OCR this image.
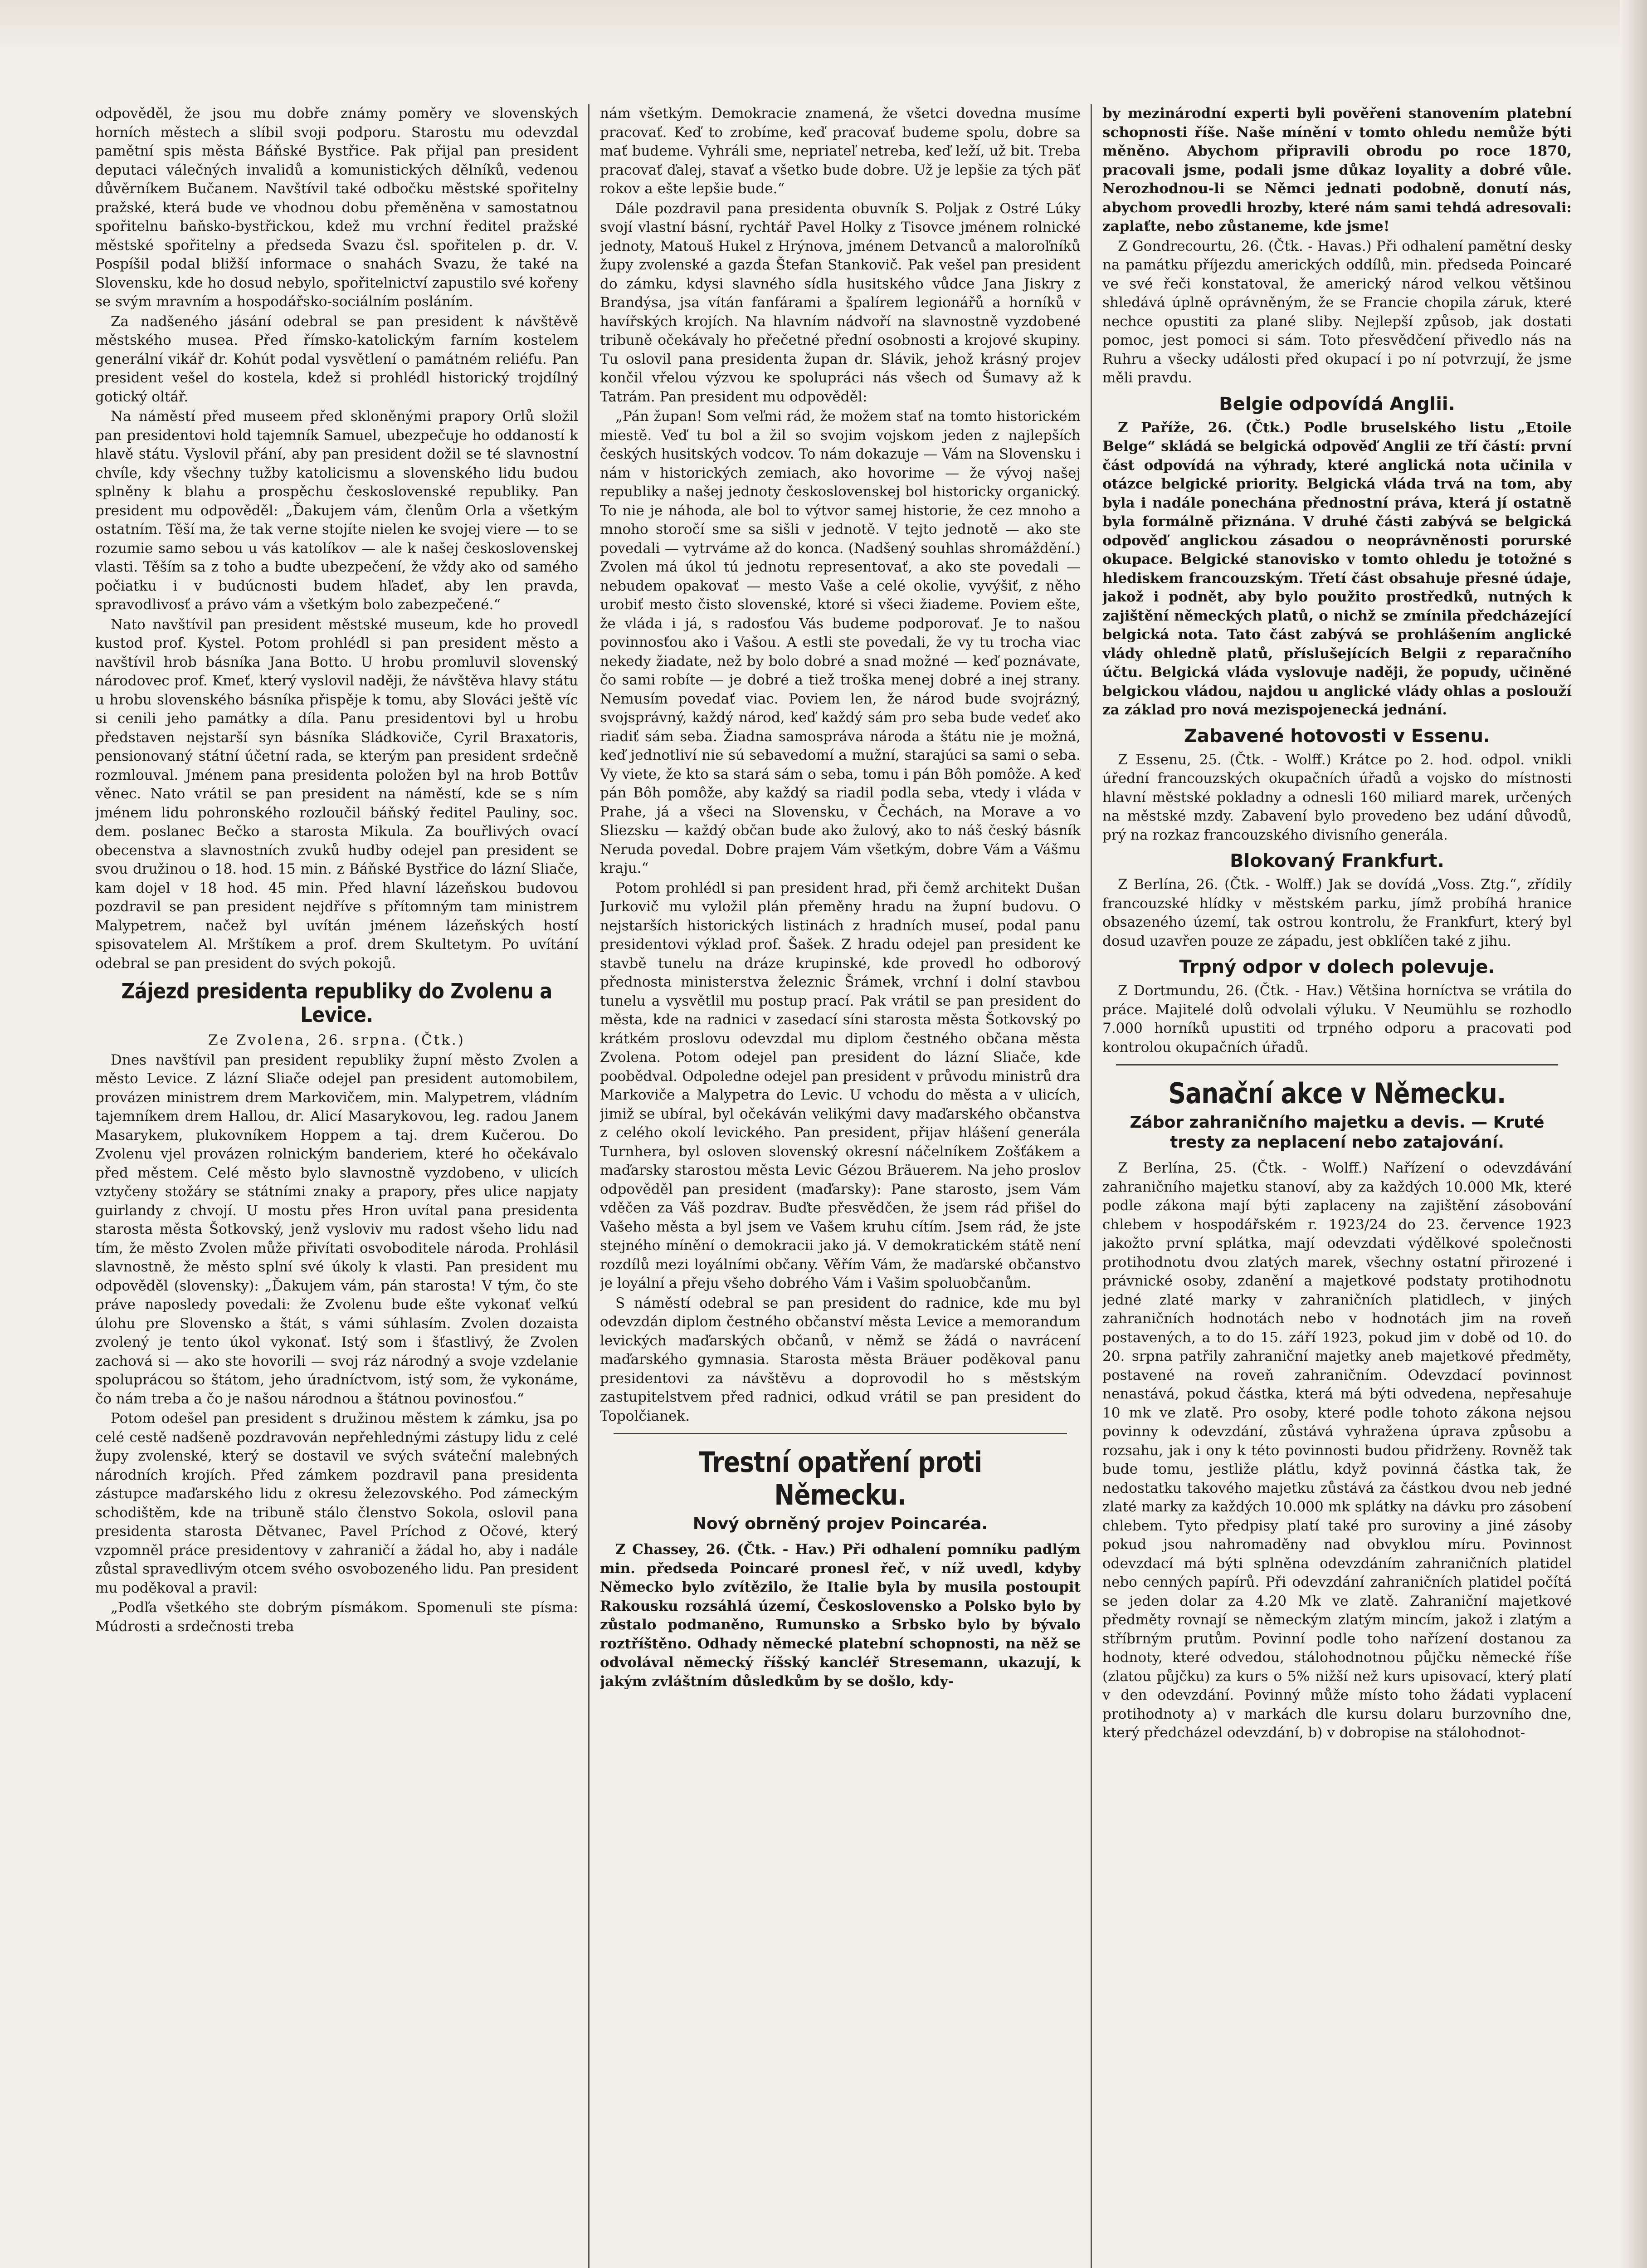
odpověděl, že jsou mu dobře známy poměry ve slovenských horních městech a slíbil svoji podporu. Starostu mu odevzdal pamětní spis města Báňské Bystřice. Pak přijal pan president deputaci válečných invalidů a komunistických dělníků, vedenou důvěrníkem Bučanem. Navštívil také odbočku městské spořitelny pražské, která bude ve vhodnou dobu přeměněna v samostatnou spořitelnu baňsko-bystřickou, kdež mu vrchní ředitel pražské městské spořitelny a předseda Svazu čsl. spořitelen p. dr. V. Pospíšil podal bližší informace o snahách Svazu, že také na Slovensku, kde ho dosud nebylo, spořitelnictví zapustilo své kořeny se svým mravním a hospodářsko-sociálním posláním.

Za nadšeného jásání odebral se pan president k návštěvě městského musea. Před římsko-katolickým farním kostelem generální vikář dr. Kohút podal vysvětlení o památném reliéfu. Pan president vešel do kostela, kdež si prohlédl historický trojdílný gotický oltář.

Na náměstí před museem před skloněnými prapory Orlů složil pan presidentovi hold tajemník Samuel, ubezpečuje ho oddaností k hlavě státu. Vyslovil přání, aby pan president dožil se té slavnostní chvíle, kdy všechny tužby katolicismu a slovenského lidu budou splněny k blahu a prospěchu československé republiky. Pan president mu odpověděl: „Ďakujem vám, členům Orla a všetkým ostatním. Těší ma, že tak verne stojíte nielen ke svojej viere — to se rozumie samo sebou u vás katolíkov — ale k našej československej vlasti. Těším sa z toho a budte ubezpečení, že vždy ako od samého počiatku i v budúcnosti budem hľadeť, aby len pravda, spravodlivosť a právo vám a všetkým bolo zabezpečené.“

Nato navštívil pan president městské museum, kde ho provedl kustod prof. Kystel. Potom prohlédl si pan president město a navštívil hrob básníka Jana Botto. U hrobu promluvil slovenský národovec prof. Kmeť, který vyslovil naději, že návštěva hlavy státu u hrobu slovenského básníka přispěje k tomu, aby Slováci ještě víc si cenili jeho památky a díla. Panu presidentovi byl u hrobu představen nejstarší syn básníka Sládkoviče, Cyril Braxatoris, pensionovaný státní účetní rada, se kterým pan president srdečně rozmlouval. Jménem pana presidenta položen byl na hrob Bottův věnec. Nato vrátil se pan president na náměstí, kde se s ním jménem lidu pohronského rozloučil báňský ředitel Pauliny, soc. dem. poslanec Bečko a starosta Mikula. Za bouřlivých ovací obecenstva a slavnostních zvuků hudby odejel pan president se svou družinou o 18. hod. 15 min. z Báňské Bystřice do lázní Sliače, kam dojel v 18 hod. 45 min. Před hlavní lázeňskou budovou pozdravil se pan president nejdříve s přítomným tam ministrem Malypetrem, načež byl uvítán jménem lázeňských hostí spisovatelem Al. Mrštíkem a prof. drem Skultetym. Po uvítání odebral se pan president do svých pokojů.

Zájezd presidenta republiky do Zvolenu a Levice.

Ze Zvolena, 26. srpna. (Čtk.)

Dnes navštívil pan president republiky župní město Zvolen a město Levice. Z lázní Sliače odejel pan president automobilem, provázen ministrem drem Markovičem, min. Malypetrem, vládním tajemníkem drem Hallou, dr. Alicí Masarykovou, leg. radou Janem Masarykem, plukovníkem Hoppem a taj. drem Kučerou. Do Zvolenu vjel provázen rolnickým banderiem, které ho očekávalo před městem. Celé město bylo slavnostně vyzdobeno, v ulicích vztyčeny stožáry se státními znaky a prapory, přes ulice napjaty guirlandy z chvojí. U mostu přes Hron uvítal pana presidenta starosta města Šotkovský, jenž vysloviv mu radost všeho lidu nad tím, že město Zvolen může přivítati osvoboditele národa. Prohlásil slavnostně, že město splní své úkoly k vlasti. Pan president mu odpověděl (slovensky): „Ďakujem vám, pán starosta! V tým, čo ste práve naposledy povedali: že Zvolenu bude ešte vykonať veľkú úlohu pre Slovensko a štát, s vámi súhlasím. Zvolen dozaista zvolený je tento úkol vykonať. Istý som i šťastlivý, že Zvolen zachová si — ako ste hovorili — svoj ráz národný a svoje vzdelanie spoluprácou so štátom, jeho úradníctvom, istý som, že vykonáme, čo nám treba a čo je našou národnou a štátnou povinosťou.“

Potom odešel pan president s družinou městem k zámku, jsa po celé cestě nadšeně pozdravován nepřehlednými zástupy lidu z celé župy zvolenské, který se dostavil ve svých sváteční malebných národních krojích. Před zámkem pozdravil pana presidenta zástupce maďarského lidu z okresu železovského. Pod zámeckým schodištěm, kde na tribuně stálo členstvo Sokola, oslovil pana presidenta starosta Dětvanec, Pavel Príchod z Očové, který vzpomněl práce presidentovy v zahraničí a žádal ho, aby i nadále zůstal spravedlivým otcem svého osvobozeného lidu. Pan president mu poděkoval a pravil:

„Podľa všetkého ste dobrým písmákom. Spomenuli ste písma: Múdrosti a srdečnosti treba

nám všetkým. Demokracie znamená, že všetci dovedna musíme pracovať. Keď to zrobíme, keď pracovať budeme spolu, dobre sa mať budeme. Vyhráli sme, nepriateľ netreba, keď leží, už bit. Treba pracovať ďalej, stavať a všetko bude dobre. Už je lepšie za tých päť rokov a ešte lepšie bude.“

Dále pozdravil pana presidenta obuvník S. Poljak z Ostré Lúky svojí vlastní básní, rychtář Pavel Holky z Tisovce jménem rolnické jednoty, Matouš Hukel z Hrýnova, jménem Detvanců a maloroľníků župy zvolenské a gazda Štefan Stankovič. Pak vešel pan president do zámku, kdysi slavného sídla husitského vůdce Jana Jiskry z Brandýsa, jsa vítán fanfárami a špalírem legionářů a horníků v havířských krojích. Na hlavním nádvoří na slavnostně vyzdobené tribuně očekávaly ho přečetné přední osobnosti a krojové skupiny. Tu oslovil pana presidenta župan dr. Slávik, jehož krásný projev končil vřelou výzvou ke spolupráci nás všech od Šumavy až k Tatrám. Pan president mu odpověděl:

„Pán župan! Som veľmi rád, že možem stať na tomto historickém miestě. Veď tu bol a žil so svojim vojskom jeden z najlepších českých husitských vodcov. To nám dokazuje — Vám na Slovensku i nám v historických zemiach, ako hovorime — že vývoj našej republiky a našej jednoty československej bol historicky organický. To nie je náhoda, ale bol to výtvor samej historie, že cez mnoho a mnoho storočí sme sa sišli v jednotě. V tejto jednotě — ako ste povedali — vytrváme až do konca. (Nadšený souhlas shromáždění.) Zvolen má úkol tú jednotu representovať, a ako ste povedali — nebudem opakovať — mesto Vaše a celé okolie, vyvýšiť, z něho urobiť mesto čisto slovenské, ktoré si všeci žiademe. Poviem ešte, že vláda i já, s radosťou Vás budeme podporovať. Je to našou povinnosťou ako i Vašou. A estli ste povedali, že vy tu trocha viac nekedy žiadate, než by bolo dobré a snad možné — keď poznávate, čo sami robíte — je dobré a tiež troška menej dobré a inej strany. Nemusím povedať viac. Poviem len, že národ bude svojrázný, svojsprávný, každý národ, keď každý sám pro seba bude vedeť ako riadiť sám seba. Žiadna samospráva národa a štátu nie je možná, keď jednotliví nie sú sebavedomí a mužní, starajúci sa sami o seba. Vy viete, že kto sa stará sám o seba, tomu i pán Bôh pomôže. A keď pán Bôh pomôže, aby každý sa riadil podla seba, vtedy i vláda v Prahe, já a všeci na Slovensku, v Čechách, na Morave a vo Sliezsku — každý občan bude ako žulový, ako to náš český básník Neruda povedal. Dobre prajem Vám všetkým, dobre Vám a Vášmu kraju.“

Potom prohlédl si pan president hrad, při čemž architekt Dušan Jurkovič mu vyložil plán přeměny hradu na župní budovu. O nejstarších historických listinách z hradních museí, podal panu presidentovi výklad prof. Šašek. Z hradu odejel pan president ke stavbě tunelu na dráze krupinské, kde provedl ho odborový přednosta ministerstva železnic Šrámek, vrchní i dolní stavbou tunelu a vysvětlil mu postup prací. Pak vrátil se pan president do města, kde na radnici v zasedací síni starosta města Šotkovský po krátkém proslovu odevzdal mu diplom čestného občana města Zvolena. Potom odejel pan president do lázní Sliače, kde poobědval. Odpoledne odejel pan president v průvodu ministrů dra Markoviče a Malypetra do Levic. U vchodu do města a v ulicích, jimiž se ubíral, byl očekáván velikými davy maďarského občanstva z celého okolí levického. Pan president, přijav hlášení generála Turnhera, byl osloven slovenský okresní náčelníkem Zošťákem a maďarsky starostou města Levic Gézou Bräuerem. Na jeho proslov odpověděl pan president (maďarsky): Pane starosto, jsem Vám vděčen za Váš pozdrav. Buďte přesvědčen, že jsem rád přišel do Vašeho města a byl jsem ve Vašem kruhu cítím. Jsem rád, že jste stejného mínění o demokracii jako já. V demokratickém státě není rozdílů mezi loyálními občany. Věřím Vám, že maďarské občanstvo je loyální a přeju všeho dobrého Vám i Vašim spoluobčanům.

S náměstí odebral se pan president do radnice, kde mu byl odevzdán diplom čestného občanství města Levice a memorandum levických maďarských občanů, v němž se žádá o navrácení maďarského gymnasia. Starosta města Bräuer poděkoval panu presidentovi za návštěvu a doprovodil ho s městským zastupitelstvem před radnici, odkud vrátil se pan president do Topolčianek.

Trestní opatření proti Německu.
Nový obrněný projev Poincaréa.

Z Chassey, 26. (Čtk. - Hav.) Při odhalení pomníku padlým min. předseda Poincaré pronesl řeč, v níž uvedl, kdyby Německo bylo zvítězilo, že Italie byla by musila postoupit Rakousku rozsáhlá území, Československo a Polsko bylo by zůstalo podmaněno, Rumunsko a Srbsko bylo by bývalo roztříštěno. Odhady německé platební schopnosti, na něž se odvolával německý říšský kancléř Stresemann, ukazují, k jakým zvláštním důsledkům by se došlo, kdy-

by mezinárodní experti byli pověřeni stanovením platební schopnosti říše. Naše mínění v tomto ohledu nemůže býti měněno. Abychom připravili obrodu po roce 1870, pracovali jsme, podali jsme důkaz loyality a dobré vůle. Nerozhodnou-li se Němci jednati podobně, donutí nás, abychom provedli hrozby, které nám sami tehdá adresovali: zaplaťte, nebo zůstaneme, kde jsme!

Z Gondrecourtu, 26. (Čtk. - Havas.) Při odhalení pamětní desky na památku příjezdu amerických oddílů, min. předseda Poincaré ve své řeči konstatoval, že americký národ velkou většinou shledává úplně oprávněným, že se Francie chopila záruk, které nechce opustiti za plané sliby. Nejlepší způsob, jak dostati pomoc, jest pomoci si sám. Toto přesvědčení přivedlo nás na Ruhru a všecky události před okupací i po ní potvrzují, že jsme měli pravdu.

Belgie odpovídá Anglii.

Z Paříže, 26. (Čtk.) Podle bruselského listu „Etoile Belge“ skládá se belgická odpověď Anglii ze tří částí: první část odpovídá na výhrady, které anglická nota učinila v otázce belgické priority. Belgická vláda trvá na tom, aby byla i nadále ponechána přednostní práva, která jí ostatně byla formálně přiznána. V druhé části zabývá se belgická odpověď anglickou zásadou o neoprávněnosti porurské okupace. Belgické stanovisko v tomto ohledu je totožné s hlediskem francouzským. Třetí část obsahuje přesné údaje, jakož i podnět, aby bylo použito prostředků, nutných k zajištění německých platů, o nichž se zmínila předcházející belgická nota. Tato část zabývá se prohlášením anglické vlády ohledně platů, příslušejících Belgii z reparačního účtu. Belgická vláda vyslovuje naději, že popudy, učiněné belgickou vládou, najdou u anglické vlády ohlas a poslouží za základ pro nová mezispojenecká jednání.

Zabavené hotovosti v Essenu.

Z Essenu, 25. (Čtk. - Wolff.) Krátce po 2. hod. odpol. vnikli úřední francouzských okupačních úřadů a vojsko do místnosti hlavní městské pokladny a odnesli 160 miliard marek, určených na městské mzdy. Zabavení bylo provedeno bez udání důvodů, prý na rozkaz francouzského divisního generála.

Blokovaný Frankfurt.

Z Berlína, 26. (Čtk. - Wolff.) Jak se dovídá „Voss. Ztg.“, zřídily francouzské hlídky v městském parku, jímž probíhá hranice obsazeného území, tak ostrou kontrolu, že Frankfurt, který byl dosud uzavřen pouze ze západu, jest obklíčen také z jihu.

Trpný odpor v dolech polevuje.

Z Dortmundu, 26. (Čtk. - Hav.) Většina horníctva se vrátila do práce. Majitelé dolů odvolali výluku. V Neumühlu se rozhodlo 7.000 horníků upustiti od trpného odporu a pracovati pod kontrolou okupačních úřadů.

Sanační akce v Německu.
Zábor zahraničního majetku a devis. — Kruté tresty za neplacení nebo zatajování.

Z Berlína, 25. (Čtk. - Wolff.) Nařízení o odevzdávání zahraničního majetku stanoví, aby za každých 10.000 Mk, které podle zákona mají býti zaplaceny na zajištění zásobování chlebem v hospodářském r. 1923/24 do 23. července 1923 jakožto první splátka, mají odevzdati výdělkové společnosti protihodnotu dvou zlatých marek, všechny ostatní přirozené i právnické osoby, zdanění a majetkové podstaty protihodnotu jedné zlaté marky v zahraničních platidlech, v jiných zahraničních hodnotách nebo v hodnotách jim na roveň postavených, a to do 15. září 1923, pokud jim v době od 10. do 20. srpna patřily zahraniční majetky aneb majetkové předměty, postavené na roveň zahraničním. Odevzdací povinnost nenastává, pokud částka, která má býti odvedena, nepřesahuje 10 mk ve zlatě. Pro osoby, které podle tohoto zákona nejsou povinny k odevzdání, zůstává vyhražena úprava způsobu a rozsahu, jak i ony k této povinnosti budou přidrženy. Rovněž tak bude tomu, jestliže plátlu, když povinná částka tak, že nedostatku takového majetku zůstává za částkou dvou neb jedné zlaté marky za každých 10.000 mk splátky na dávku pro zásobení chlebem. Tyto předpisy platí také pro suroviny a jiné zásoby pokud jsou nahromaděny nad obvyklou míru. Povinnost odevzdací má býti splněna odevzdáním zahraničních platidel nebo cenných papírů. Při odevzdání zahraničních platidel počítá se jeden dolar za 4.20 Mk ve zlatě. Zahraniční majetkové předměty rovnají se německým zlatým mincím, jakož i zlatým a stříbrným prutům. Povinní podle toho nařízení dostanou za hodnoty, které odvedou, stálohodnotnou půjčku německé říše (zlatou půjčku) za kurs o 5% nižší než kurs upisovací, který platí v den odevzdání. Povinný může místo toho žádati vyplacení protihodnoty a) v markách dle kursu dolaru burzovního dne, který předcházel odevzdání, b) v dobropise na stálohodnot-
